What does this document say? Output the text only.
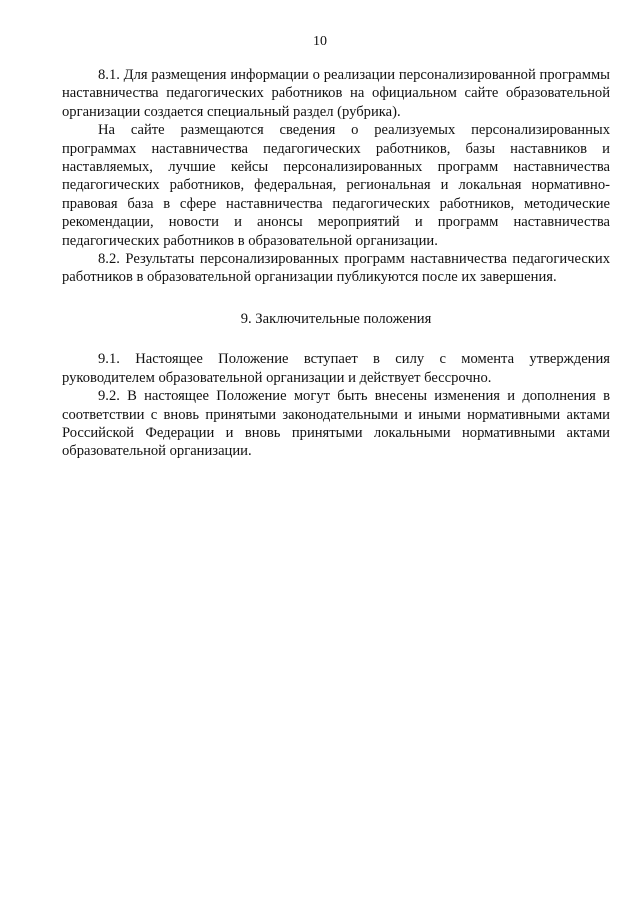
10

8.1. Для размещения информации о реализации персонализированной программы наставничества педагогических работников на официальном сайте образовательной организации создается специальный раздел (рубрика).

На сайте размещаются сведения о реализуемых персонализированных программах наставничества педагогических работников, базы наставников и наставляемых, лучшие кейсы персонализированных программ наставничества педагогических работников, федеральная, региональная и локальная нормативно-правовая база в сфере наставничества педагогических работников, методические рекомендации, новости и анонсы мероприятий и программ наставничества педагогических работников в образовательной организации.

8.2. Результаты персонализированных программ наставничества педагогических работников в образовательной организации публикуются после их завершения.

9. Заключительные положения

9.1. Настоящее Положение вступает в силу с момента утверждения руководителем образовательной организации и действует бессрочно.

9.2. В настоящее Положение могут быть внесены изменения и дополнения в соответствии с вновь принятыми законодательными и иными нормативными актами Российской Федерации и вновь принятыми локальными нормативными актами образовательной организации.
